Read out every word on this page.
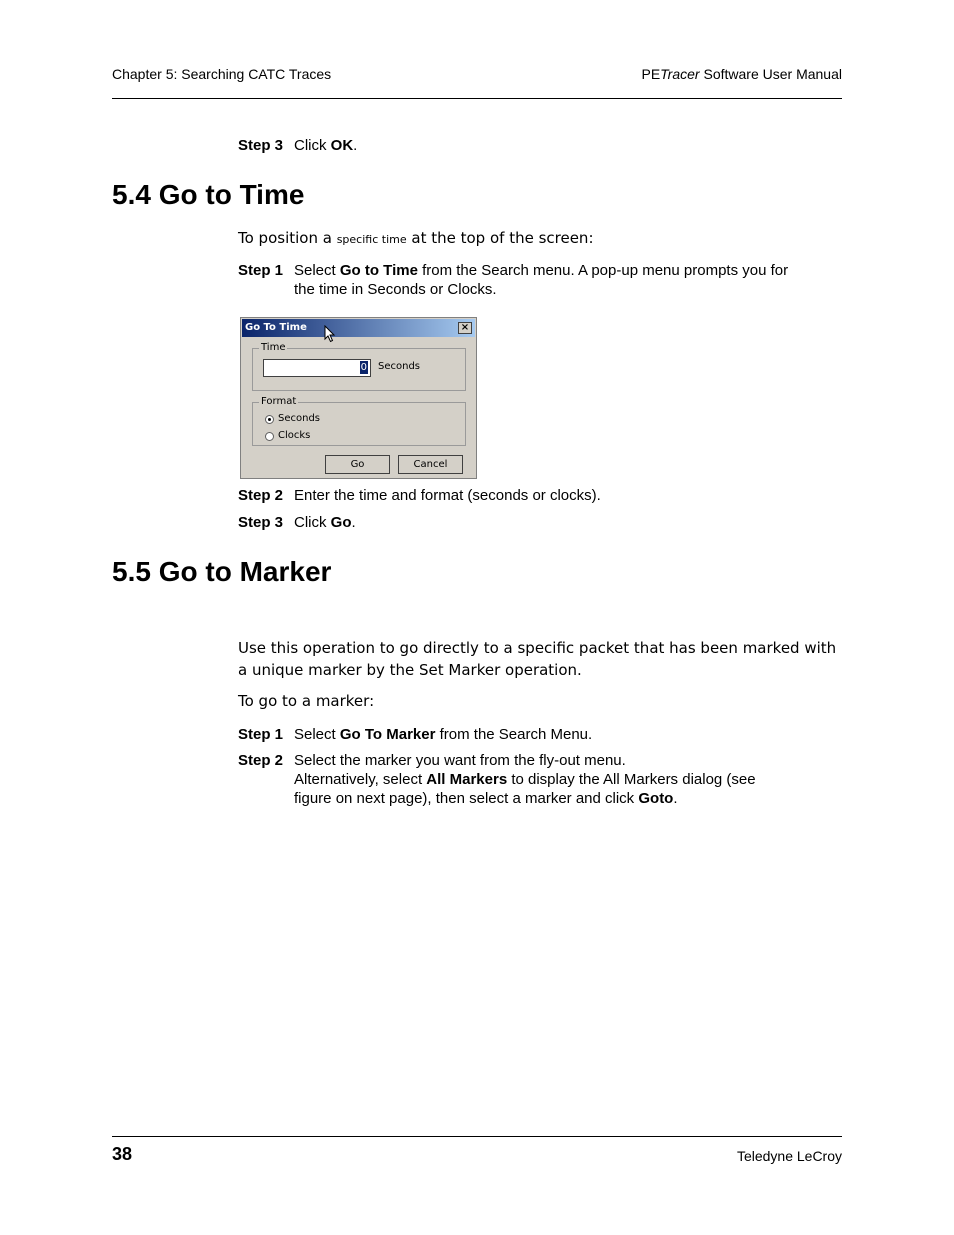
Chapter 5: Searching CATC Traces	PETracer Software User Manual
Step 3 Click OK.
5.4 Go to Time
To position a specific time at the top of the screen:
Step 1 Select Go to Time from the Search menu. A pop-up menu prompts you for the time in Seconds or Clocks.
Go To Time	×
Time
0 Seconds
Format
Seconds
Clocks
Go	Cancel
Step 2 Enter the time and format (seconds or clocks).
Step 3 Click Go.
5.5 Go to Marker
Use this operation to go directly to a specific packet that has been marked with a unique marker by the Set Marker operation.
To go to a marker:
Step 1 Select Go To Marker from the Search Menu.
Step 2 Select the marker you want from the fly-out menu.
Alternatively, select All Markers to display the All Markers dialog (see figure on next page), then select a marker and click Goto.
38	Teledyne LeCroy
